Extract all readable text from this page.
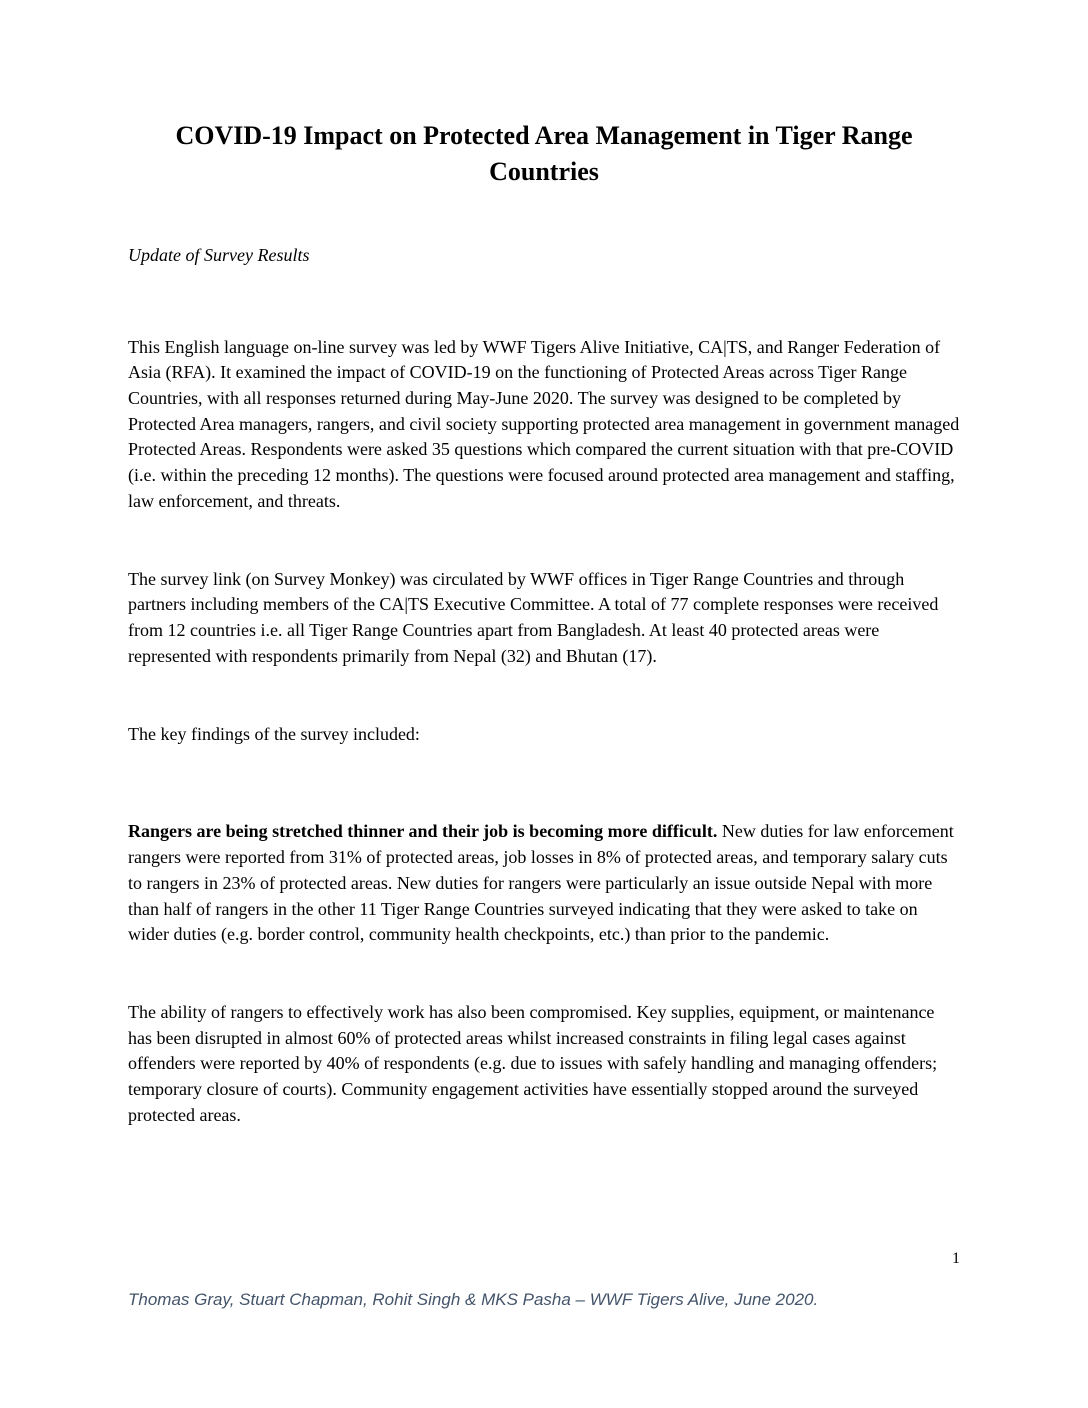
COVID-19 Impact on Protected Area Management in Tiger Range Countries

Update of Survey Results

This English language on-line survey was led by WWF Tigers Alive Initiative, CA|TS, and Ranger Federation of Asia (RFA). It examined the impact of COVID-19 on the functioning of Protected Areas across Tiger Range Countries, with all responses returned during May-June 2020. The survey was designed to be completed by Protected Area managers, rangers, and civil society supporting protected area management in government managed Protected Areas. Respondents were asked 35 questions which compared the current situation with that pre-COVID (i.e. within the preceding 12 months). The questions were focused around protected area management and staffing, law enforcement, and threats.

The survey link (on Survey Monkey) was circulated by WWF offices in Tiger Range Countries and through partners including members of the CA|TS Executive Committee. A total of 77 complete responses were received from 12 countries i.e. all Tiger Range Countries apart from Bangladesh. At least 40 protected areas were represented with respondents primarily from Nepal (32) and Bhutan (17).

The key findings of the survey included:

Rangers are being stretched thinner and their job is becoming more difficult. New duties for law enforcement rangers were reported from 31% of protected areas, job losses in 8% of protected areas, and temporary salary cuts to rangers in 23% of protected areas. New duties for rangers were particularly an issue outside Nepal with more than half of rangers in the other 11 Tiger Range Countries surveyed indicating that they were asked to take on wider duties (e.g. border control, community health checkpoints, etc.) than prior to the pandemic.

The ability of rangers to effectively work has also been compromised. Key supplies, equipment, or maintenance has been disrupted in almost 60% of protected areas whilst increased constraints in filing legal cases against offenders were reported by 40% of respondents (e.g. due to issues with safely handling and managing offenders; temporary closure of courts). Community engagement activities have essentially stopped around the surveyed protected areas.

1
Thomas Gray, Stuart Chapman, Rohit Singh & MKS Pasha – WWF Tigers Alive, June 2020.
